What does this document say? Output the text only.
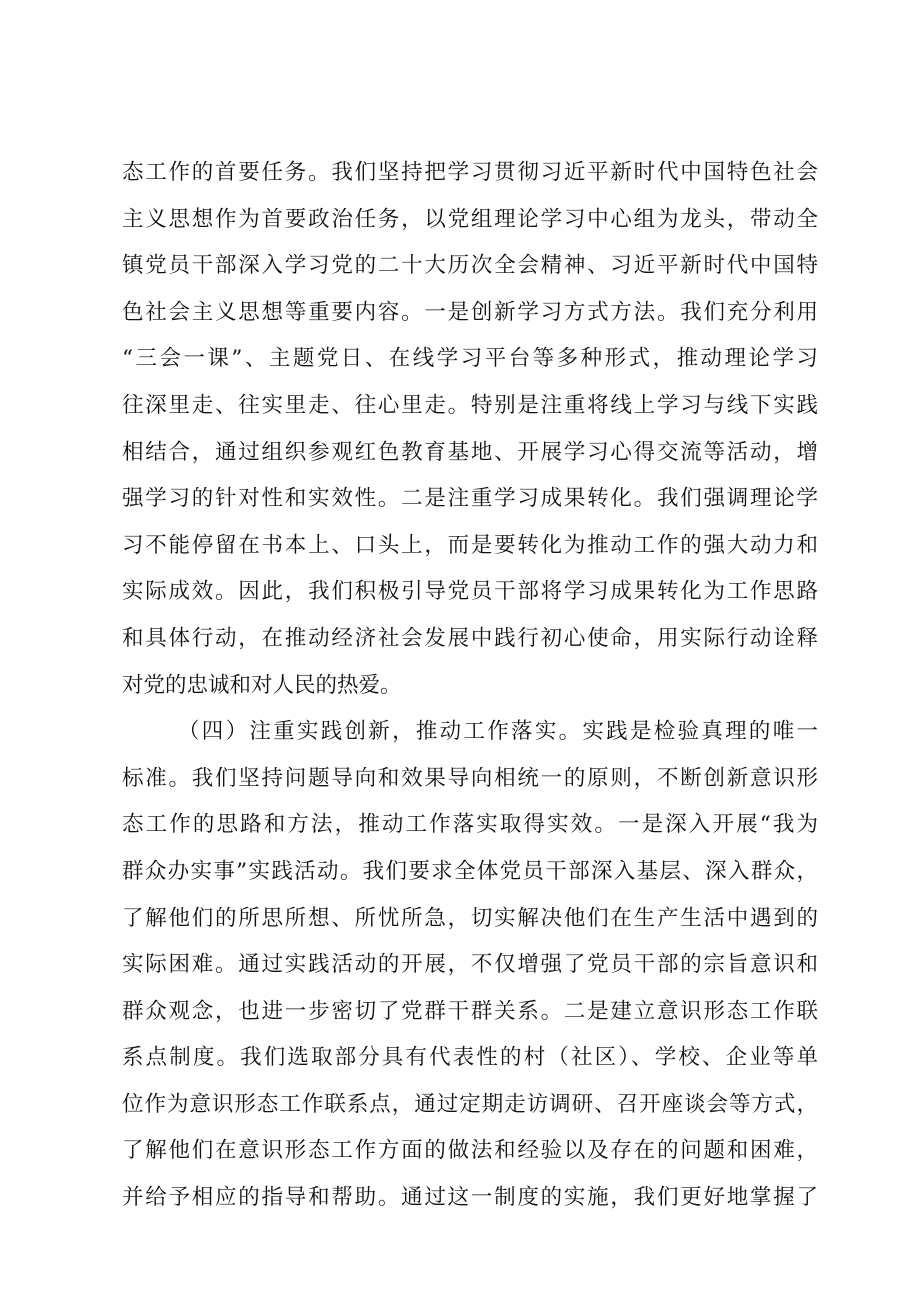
态工作的首要任务。我们坚持把学习贯彻习近平新时代中国特色社会
主义思想作为首要政治任务，以党组理论学习中心组为龙头，带动全
镇党员干部深入学习党的二十大历次全会精神、习近平新时代中国特
色社会主义思想等重要内容。一是创新学习方式方法。我们充分利用
“三会一课”、主题党日、在线学习平台等多种形式，推动理论学习
往深里走、往实里走、往心里走。特别是注重将线上学习与线下实践
相结合，通过组织参观红色教育基地、开展学习心得交流等活动，增
强学习的针对性和实效性。二是注重学习成果转化。我们强调理论学
习不能停留在书本上、口头上，而是要转化为推动工作的强大动力和
实际成效。因此，我们积极引导党员干部将学习成果转化为工作思路
和具体行动，在推动经济社会发展中践行初心使命，用实际行动诠释
对党的忠诚和对人民的热爱。
（四）注重实践创新，推动工作落实。实践是检验真理的唯一
标准。我们坚持问题导向和效果导向相统一的原则，不断创新意识形
态工作的思路和方法，推动工作落实取得实效。一是深入开展“我为
群众办实事”实践活动。我们要求全体党员干部深入基层、深入群众，
了解他们的所思所想、所忧所急，切实解决他们在生产生活中遇到的
实际困难。通过实践活动的开展，不仅增强了党员干部的宗旨意识和
群众观念，也进一步密切了党群干群关系。二是建立意识形态工作联
系点制度。我们选取部分具有代表性的村（社区）、学校、企业等单
位作为意识形态工作联系点，通过定期走访调研、召开座谈会等方式，
了解他们在意识形态工作方面的做法和经验以及存在的问题和困难，
并给予相应的指导和帮助。通过这一制度的实施，我们更好地掌握了
